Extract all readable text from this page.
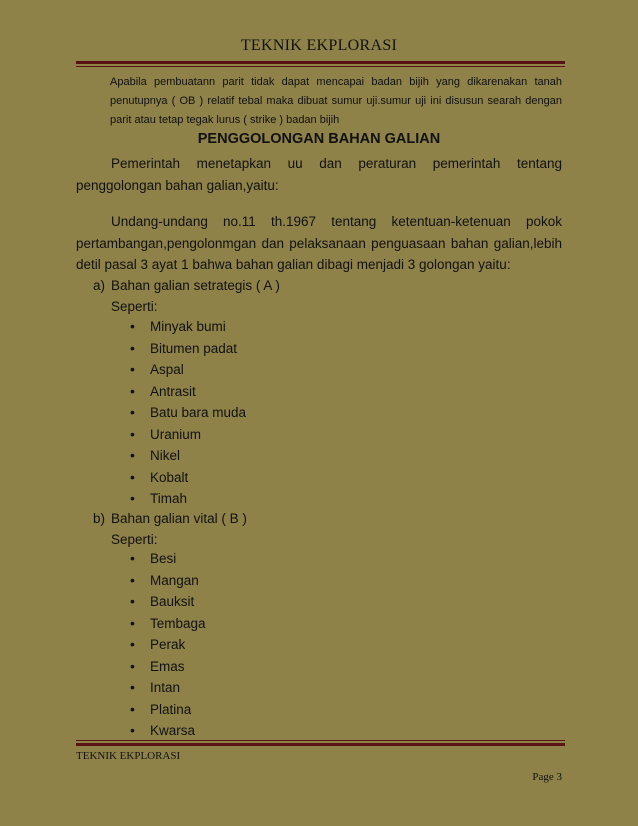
TEKNIK EKPLORASI
Apabila pembuatann parit tidak dapat mencapai badan bijih yang dikarenakan tanah penutupnya ( OB ) relatif tebal maka dibuat sumur uji.sumur uji ini disusun searah dengan parit atau tetap tegak lurus ( strike ) badan bijih
PENGGOLONGAN BAHAN GALIAN
Pemerintah menetapkan uu dan peraturan pemerintah tentang penggolongan bahan galian,yaitu:
Undang-undang no.11 th.1967 tentang ketentuan-ketenuan pokok pertambangan,pengolonmgan dan pelaksanaan penguasaan bahan galian,lebih detil pasal 3 ayat 1 bahwa bahan galian dibagi menjadi 3 golongan yaitu:
a) Bahan galian setrategis ( A )
Seperti:
• Minyak bumi
• Bitumen padat
• Aspal
• Antrasit
• Batu bara muda
• Uranium
• Nikel
• Kobalt
• Timah
b) Bahan galian vital ( B )
Seperti:
• Besi
• Mangan
• Bauksit
• Tembaga
• Perak
• Emas
• Intan
• Platina
• Kwarsa
TEKNIK EKPLORASI
Page 3
